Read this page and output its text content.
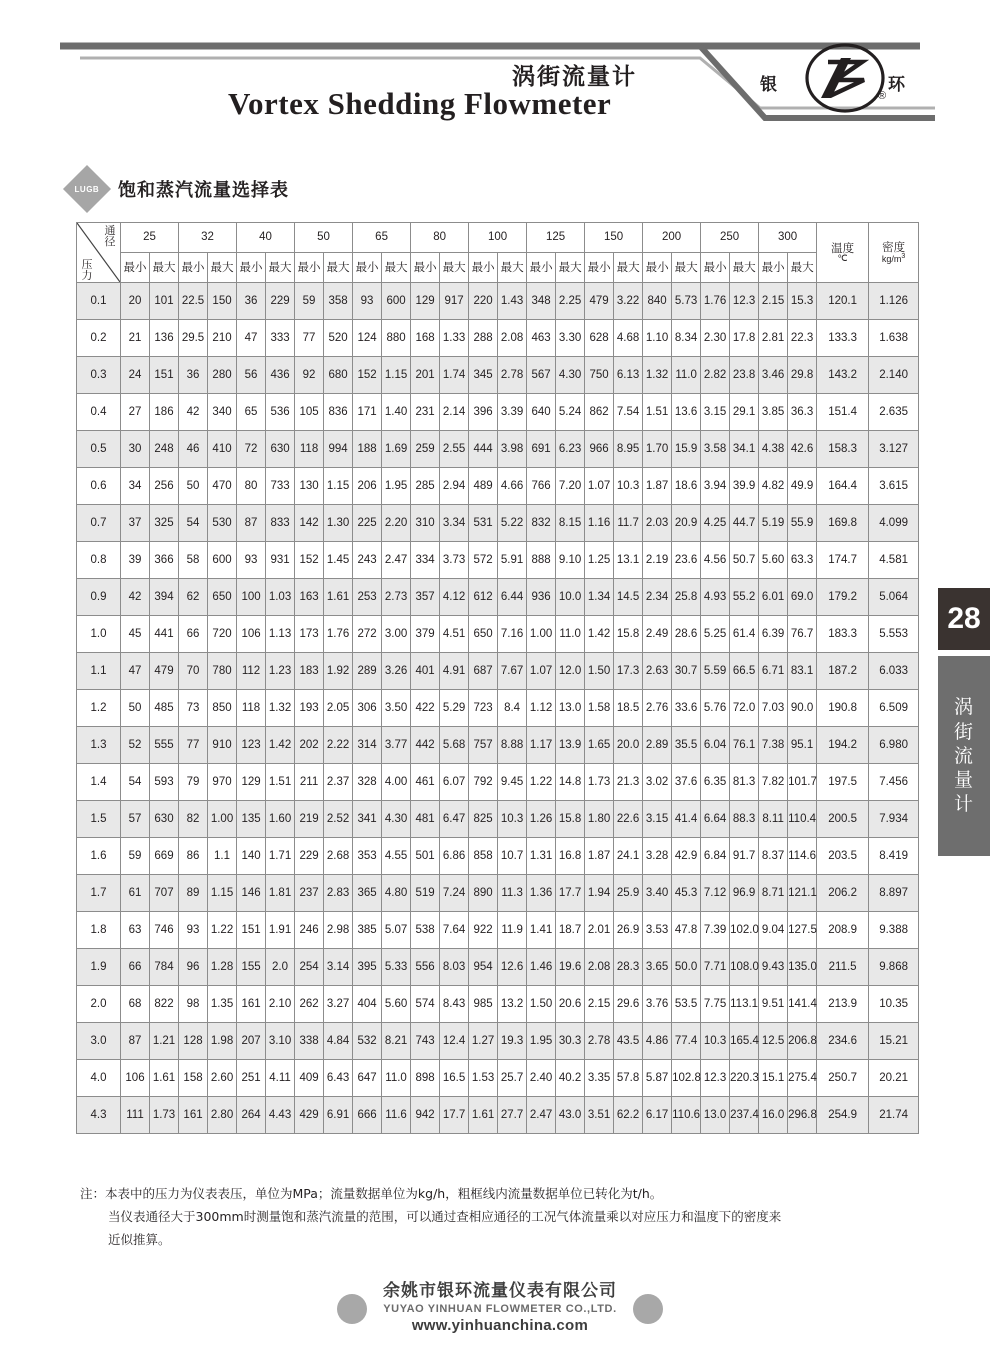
涡街流量计
Vortex Shedding Flowmeter
银	环
®
LUGB 饱和蒸汽流量选择表
通径
压力
	25	32	40	50	65	80	100	125	150	200	250	300	
温度
℃

密度
$kg/m^3$

	最小	最大	最小	最大	最小	最大	最小	最大	最小	最大	最小	最大	最小	最大	最小	最大	最小	最大	最小	最大	最小	最大	最小	最大		
0.1	20	101	22.5	150	36	229	59	358	93	600	129	917	220	1.43	348	2.25	479	3.22	840	5.73	1.76	12.3	2.15	15.3	120.1	1.126
0.2	21	136	29.5	210	47	333	77	520	124	880	168	1.33	288	2.08	463	3.30	628	4.68	1.10	8.34	2.30	17.8	2.81	22.3	133.3	1.638
0.3	24	151	36	280	56	436	92	680	152	1.15	201	1.74	345	2.78	567	4.30	750	6.13	1.32	11.0	2.82	23.8	3.46	29.8	143.2	2.140
0.4	27	186	42	340	65	536	105	836	171	1.40	231	2.14	396	3.39	640	5.24	862	7.54	1.51	13.6	3.15	29.1	3.85	36.3	151.4	2.635
0.5	30	248	46	410	72	630	118	994	188	1.69	259	2.55	444	3.98	691	6.23	966	8.95	1.70	15.9	3.58	34.1	4.38	42.6	158.3	3.127
0.6	34	256	50	470	80	733	130	1.15	206	1.95	285	2.94	489	4.66	766	7.20	1.07	10.3	1.87	18.6	3.94	39.9	4.82	49.9	164.4	3.615
0.7	37	325	54	530	87	833	142	1.30	225	2.20	310	3.34	531	5.22	832	8.15	1.16	11.7	2.03	20.9	4.25	44.7	5.19	55.9	169.8	4.099
0.8	39	366	58	600	93	931	152	1.45	243	2.47	334	3.73	572	5.91	888	9.10	1.25	13.1	2.19	23.6	4.56	50.7	5.60	63.3	174.7	4.581
0.9	42	394	62	650	100	1.03	163	1.61	253	2.73	357	4.12	612	6.44	936	10.0	1.34	14.5	2.34	25.8	4.93	55.2	6.01	69.0	179.2	5.064
1.0	45	441	66	720	106	1.13	173	1.76	272	3.00	379	4.51	650	7.16	1.00	11.0	1.42	15.8	2.49	28.6	5.25	61.4	6.39	76.7	183.3	5.553
1.1	47	479	70	780	112	1.23	183	1.92	289	3.26	401	4.91	687	7.67	1.07	12.0	1.50	17.3	2.63	30.7	5.59	66.5	6.71	83.1	187.2	6.033
1.2	50	485	73	850	118	1.32	193	2.05	306	3.50	422	5.29	723	8.4	1.12	13.0	1.58	18.5	2.76	33.6	5.76	72.0	7.03	90.0	190.8	6.509
1.3	52	555	77	910	123	1.42	202	2.22	314	3.77	442	5.68	757	8.88	1.17	13.9	1.65	20.0	2.89	35.5	6.04	76.1	7.38	95.1	194.2	6.980
1.4	54	593	79	970	129	1.51	211	2.37	328	4.00	461	6.07	792	9.45	1.22	14.8	1.73	21.3	3.02	37.6	6.35	81.3	7.82	101.7	197.5	7.456
1.5	57	630	82	1.00	135	1.60	219	2.52	341	4.30	481	6.47	825	10.3	1.26	15.8	1.80	22.6	3.15	41.4	6.64	88.3	8.11	110.4	200.5	7.934
1.6	59	669	86	1.1	140	1.71	229	2.68	353	4.55	501	6.86	858	10.7	1.31	16.8	1.87	24.1	3.28	42.9	6.84	91.7	8.37	114.6	203.5	8.419
1.7	61	707	89	1.15	146	1.81	237	2.83	365	4.80	519	7.24	890	11.3	1.36	17.7	1.94	25.9	3.40	45.3	7.12	96.9	8.71	121.1	206.2	8.897
1.8	63	746	93	1.22	151	1.91	246	2.98	385	5.07	538	7.64	922	11.9	1.41	18.7	2.01	26.9	3.53	47.8	7.39	102.0	9.04	127.5	208.9	9.388
1.9	66	784	96	1.28	155	2.0	254	3.14	395	5.33	556	8.03	954	12.6	1.46	19.6	2.08	28.3	3.65	50.0	7.71	108.0	9.43	135.0	211.5	9.868
2.0	68	822	98	1.35	161	2.10	262	3.27	404	5.60	574	8.43	985	13.2	1.50	20.6	2.15	29.6	3.76	53.5	7.75	113.1	9.51	141.4	213.9	10.35
3.0	87	1.21	128	1.98	207	3.10	338	4.84	532	8.21	743	12.4	1.27	19.3	1.95	30.3	2.78	43.5	4.86	77.4	10.3	165.4	12.5	206.8	234.6	15.21
4.0	106	1.61	158	2.60	251	4.11	409	6.43	647	11.0	898	16.5	1.53	25.7	2.40	40.2	3.35	57.8	5.87	102.8	12.3	220.3	15.1	275.4	250.7	20.21
4.3	111	1.73	161	2.80	264	4.43	429	6.91	666	11.6	942	17.7	1.61	27.7	2.47	43.0	3.51	62.2	6.17	110.6	13.0	237.4	16.0	296.8	254.9	21.74
注：本表中的压力为仪表表压，单位为MPa；流量数据单位为kg/h，粗框线内流量数据单位已转化为t/h。
当仪表通径大于300mm时测量饱和蒸汽流量的范围，可以通过查相应通径的工况气体流量乘以对应压力和温度下的密度来
近似推算。
28
涡
街
流
量
计
余姚市银环流量仪表有限公司
YUYAO YINHUAN FLOWMETER CO.,LTD.
www.yinhuanchina.com
